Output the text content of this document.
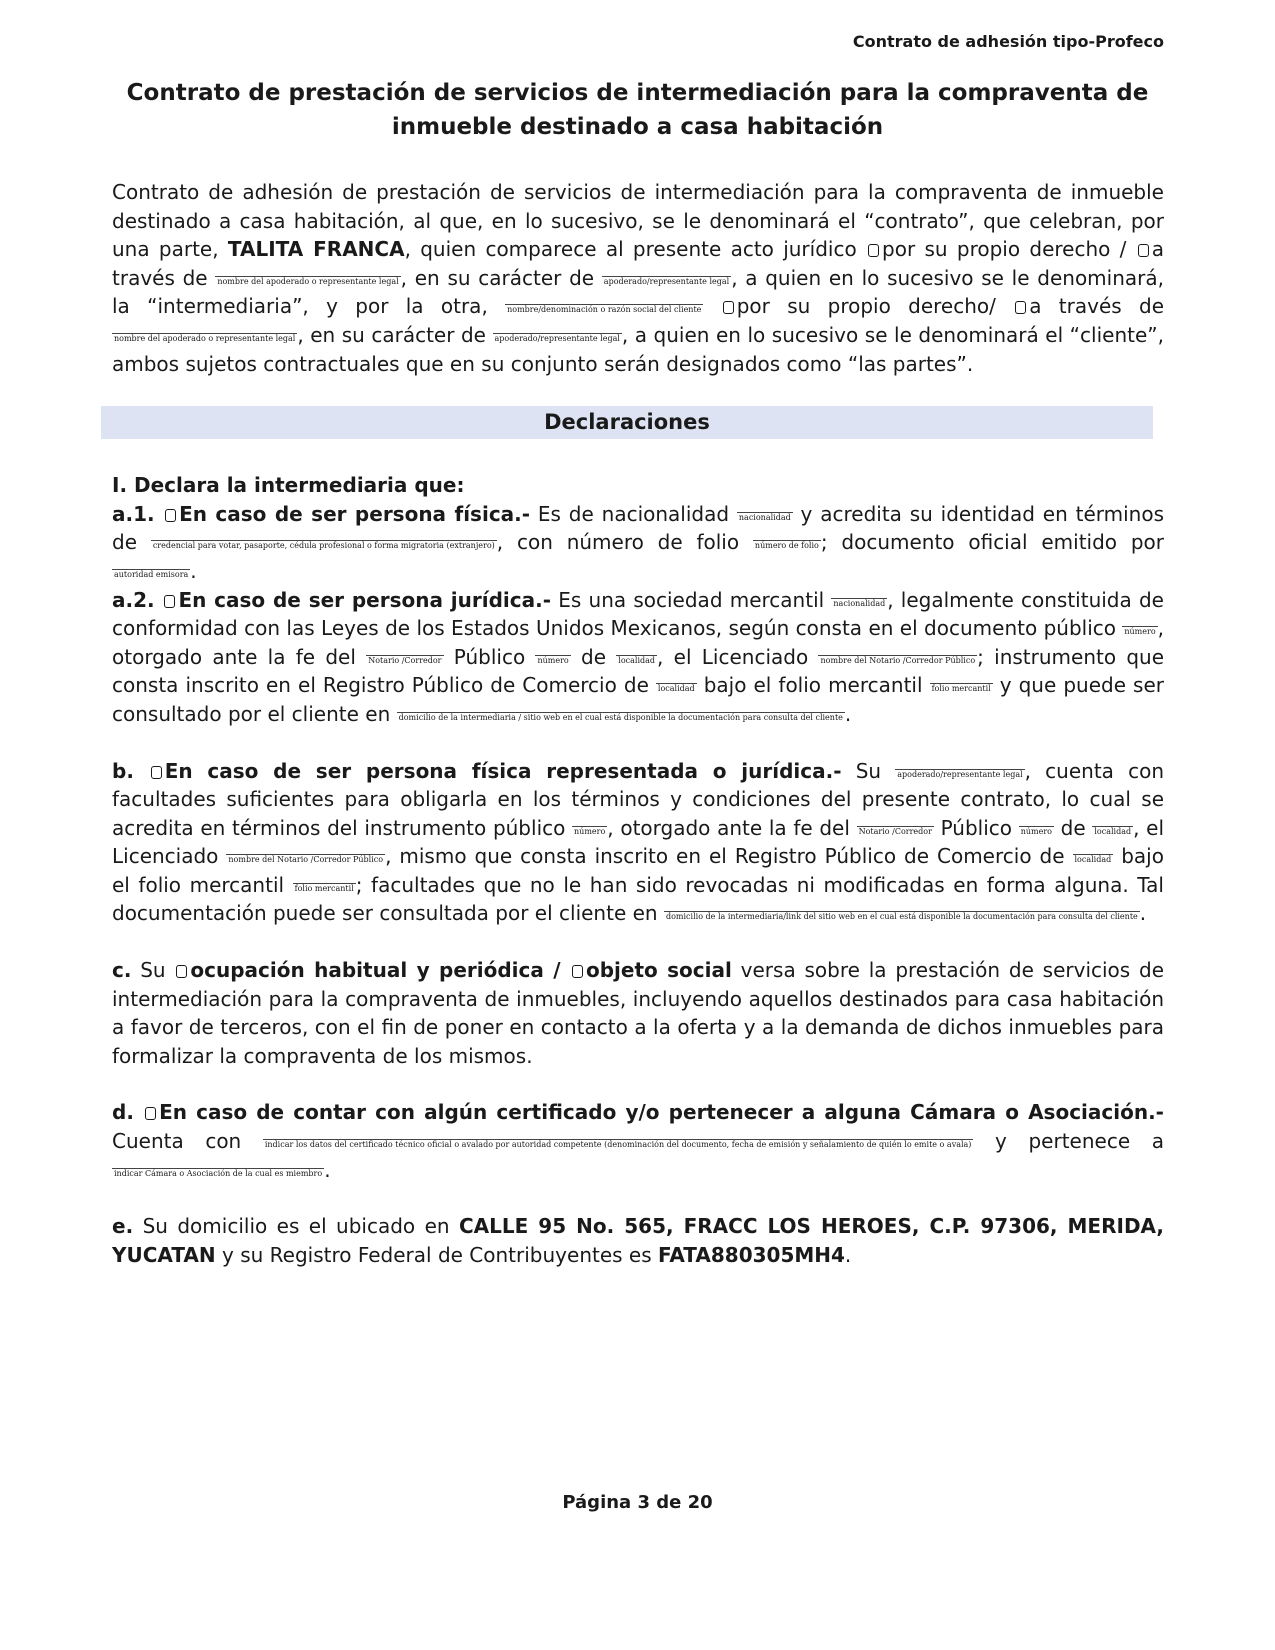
Contrato de adhesión tipo-Profeco
Contrato de prestación de servicios de intermediación para la compraventa de
inmueble destinado a casa habitación

Contrato de adhesión de prestación de servicios de intermediación para la compraventa de inmueble destinado a casa habitación, al que, en lo sucesivo, se le denominará el “contrato”, que celebran, por una parte, TALITA FRANCA, quien comparece al presente acto jurídico por su propio derecho / a través de nombre del apoderado o representante legal , en su carácter de apoderado/representante legal , a quien en lo sucesivo se le denominará, la “intermediaria”, y por la otra, nombre/denominación o razón social del cliente por su propio derecho/ a través de nombre del apoderado o representante legal , en su carácter de apoderado/representante legal , a quien en lo sucesivo se le denominará el “cliente”, ambos sujetos contractuales que en su conjunto serán designados como “las partes”.

Declaraciones

I. Declara la intermediaria que:

a.1. En caso de ser persona física.- Es de nacionalidad nacionalidad y acredita su identidad en términos de credencial para votar, pasaporte, cédula profesional o forma migratoria (extranjero) , con número de folio número de folio ; documento oficial emitido por autoridad emisora .

a.2. En caso de ser persona jurídica.- Es una sociedad mercantil nacionalidad , legalmente constituida de conformidad con las Leyes de los Estados Unidos Mexicanos, según consta en el documento público número , otorgado ante la fe del Notario /Corredor Público número de localidad , el Licenciado nombre del Notario /Corredor Público ; instrumento que consta inscrito en el Registro Público de Comercio de localidad bajo el folio mercantil folio mercantil y que puede ser consultado por el cliente en domicilio de la intermediaria / sitio web en el cual está disponible la documentación para consulta del cliente .

b. En caso de ser persona física representada o jurídica.- Su apoderado/representante legal , cuenta con facultades suficientes para obligarla en los términos y condiciones del presente contrato, lo cual se acredita en términos del instrumento público número , otorgado ante la fe del Notario /Corredor Público número de localidad , el Licenciado nombre del Notario /Corredor Público , mismo que consta inscrito en el Registro Público de Comercio de localidad bajo el folio mercantil folio mercantil ; facultades que no le han sido revocadas ni modificadas en forma alguna. Tal documentación puede ser consultada por el cliente en domicilio de la intermediaria/link del sitio web en el cual está disponible la documentación para consulta del cliente .

c. Su ocupación habitual y periódica / objeto social versa sobre la prestación de servicios de intermediación para la compraventa de inmuebles, incluyendo aquellos destinados para casa habitación a favor de terceros, con el fin de poner en contacto a la oferta y a la demanda de dichos inmuebles para formalizar la compraventa de los mismos.

d. En caso de contar con algún certificado y/o pertenecer a alguna Cámara o Asociación.- Cuenta con indicar los datos del certificado técnico oficial o avalado por autoridad competente (denominación del documento, fecha de emisión y señalamiento de quién lo emite o avala) y pertenece a indicar Cámara o Asociación de la cual es miembro .

e. Su domicilio es el ubicado en CALLE 95 No. 565, FRACC LOS HEROES, C.P. 97306, MERIDA, YUCATAN y su Registro Federal de Contribuyentes es FATA880305MH4.

Página 3 de 20
